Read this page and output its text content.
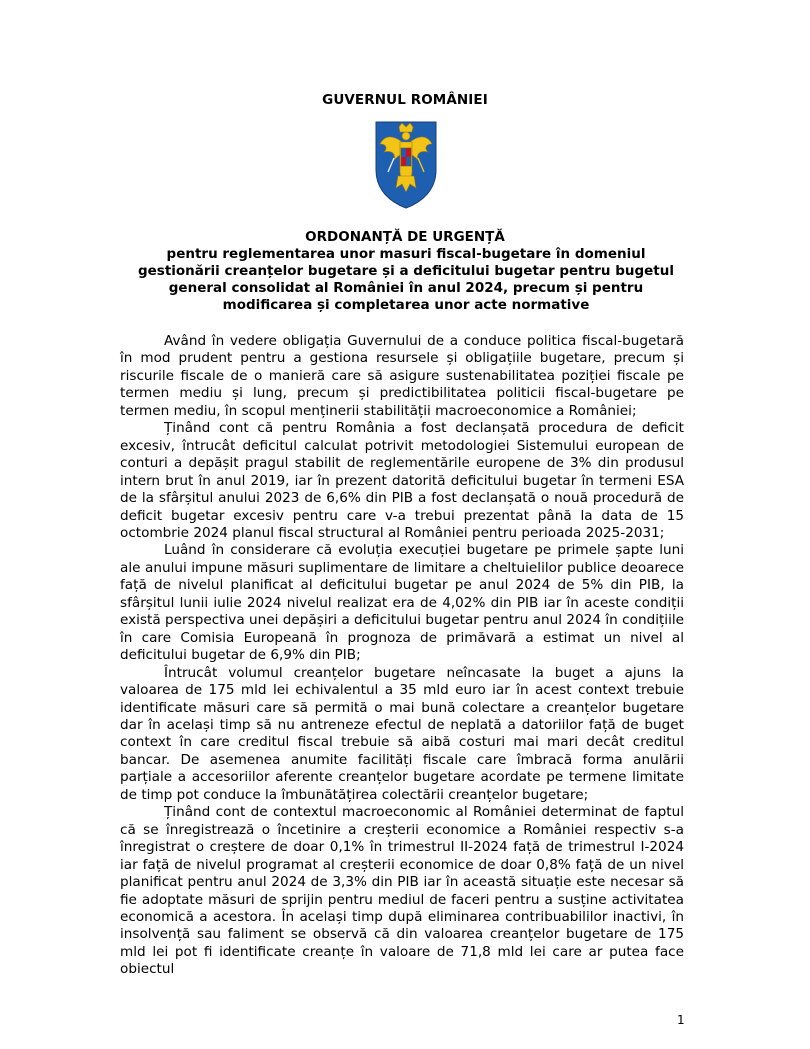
GUVERNUL ROMÂNIEI
ORDONANȚĂ DE URGENȚĂ
pentru reglementarea unor masuri fiscal-bugetare în domeniul gestionării creanțelor bugetare și a deficitului bugetar pentru bugetul general consolidat al României în anul 2024, precum și pentru modificarea și completarea unor acte normative

Având în vedere obligația Guvernului de a conduce politica fiscal-bugetară în mod prudent pentru a gestiona resursele și obligațiile bugetare, precum și riscurile fiscale de o manieră care să asigure sustenabilitatea poziției fiscale pe termen mediu și lung, precum și predictibilitatea politicii fiscal-bugetare pe termen mediu, în scopul menținerii stabilității macroeconomice a României;

Ținând cont că pentru România a fost declanșată procedura de deficit excesiv, întrucât deficitul calculat potrivit metodologiei Sistemului european de conturi a depășit pragul stabilit de reglementările europene de 3% din produsul intern brut în anul 2019, iar în prezent datorită deficitului bugetar în termeni ESA de la sfârșitul anului 2023 de 6,6% din PIB a fost declanșată o nouă procedură de deficit bugetar excesiv pentru care v-a trebui prezentat până la data de 15 octombrie 2024 planul fiscal structural al României pentru perioada 2025-2031;

Luând în considerare că evoluția execuției bugetare pe primele șapte luni ale anului impune măsuri suplimentare de limitare a cheltuielilor publice deoarece față de nivelul planificat al deficitului bugetar pe anul 2024 de 5% din PIB, la sfârșitul lunii iulie 2024 nivelul realizat era de 4,02% din PIB iar în aceste condiții există perspectiva unei depășiri a deficitului bugetar pentru anul 2024 în condițiile în care Comisia Europeană în prognoza de primăvară a estimat un nivel al deficitului bugetar de 6,9% din PIB;

Întrucât volumul creanțelor bugetare neîncasate la buget a ajuns la valoarea de 175 mld lei echivalentul a 35 mld euro iar în acest context trebuie identificate măsuri care să permită o mai bună colectare a creanțelor bugetare dar în același timp să nu antreneze efectul de neplată a datoriilor față de buget context în care creditul fiscal trebuie să aibă costuri mai mari decât creditul bancar. De asemenea anumite facilități fiscale care îmbracă forma anulării parțiale a accesoriilor aferente creanțelor bugetare acordate pe termene limitate de timp pot conduce la îmbunătățirea colectării creanțelor bugetare;

Ținând cont de contextul macroeconomic al României determinat de faptul că se înregistrează o încetinire a creșterii economice a României respectiv s-a înregistrat o creștere de doar 0,1% în trimestrul II-2024 față de trimestrul I-2024 iar față de nivelul programat al creșterii economice de doar 0,8% față de un nivel planificat pentru anul 2024 de 3,3% din PIB iar în această situație este necesar să fie adoptate măsuri de sprijin pentru mediul de faceri pentru a susține activitatea economică a acestora. În același timp după eliminarea contribuabililor inactivi, în insolvență sau faliment se observă că din valoarea creanțelor bugetare de 175 mld lei pot fi identificate creanțe în valoare de 71,8 mld lei care ar putea face obiectul

1
